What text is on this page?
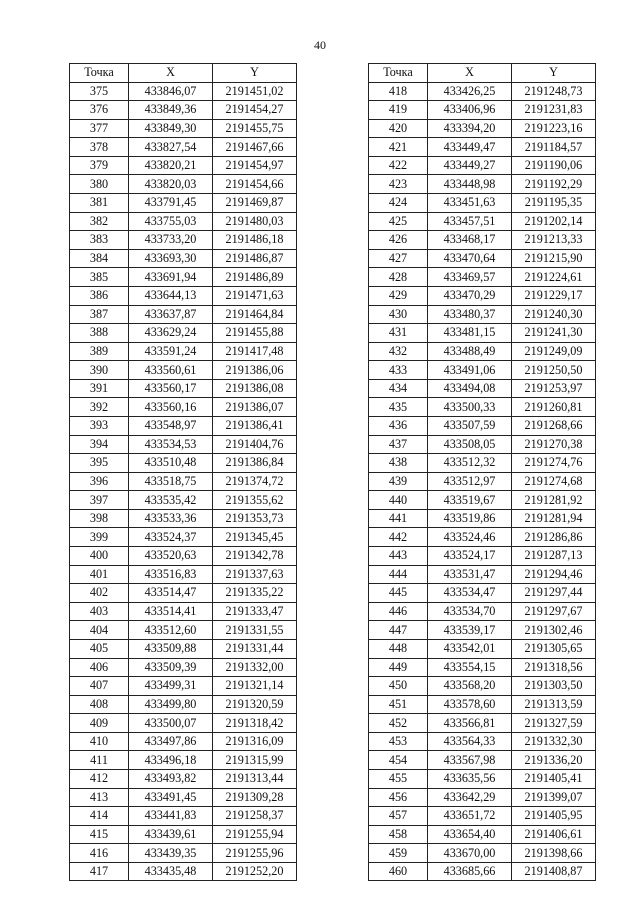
40
Точка	X	Y
375	433846,07	2191451,02
376	433849,36	2191454,27
377	433849,30	2191455,75
378	433827,54	2191467,66
379	433820,21	2191454,97
380	433820,03	2191454,66
381	433791,45	2191469,87
382	433755,03	2191480,03
383	433733,20	2191486,18
384	433693,30	2191486,87
385	433691,94	2191486,89
386	433644,13	2191471,63
387	433637,87	2191464,84
388	433629,24	2191455,88
389	433591,24	2191417,48
390	433560,61	2191386,06
391	433560,17	2191386,08
392	433560,16	2191386,07
393	433548,97	2191386,41
394	433534,53	2191404,76
395	433510,48	2191386,84
396	433518,75	2191374,72
397	433535,42	2191355,62
398	433533,36	2191353,73
399	433524,37	2191345,45
400	433520,63	2191342,78
401	433516,83	2191337,63
402	433514,47	2191335,22
403	433514,41	2191333,47
404	433512,60	2191331,55
405	433509,88	2191331,44
406	433509,39	2191332,00
407	433499,31	2191321,14
408	433499,80	2191320,59
409	433500,07	2191318,42
410	433497,86	2191316,09
411	433496,18	2191315,99
412	433493,82	2191313,44
413	433491,45	2191309,28
414	433441,83	2191258,37
415	433439,61	2191255,94
416	433439,35	2191255,96
417	433435,48	2191252,20
Точка	X	Y
418	433426,25	2191248,73
419	433406,96	2191231,83
420	433394,20	2191223,16
421	433449,47	2191184,57
422	433449,27	2191190,06
423	433448,98	2191192,29
424	433451,63	2191195,35
425	433457,51	2191202,14
426	433468,17	2191213,33
427	433470,64	2191215,90
428	433469,57	2191224,61
429	433470,29	2191229,17
430	433480,37	2191240,30
431	433481,15	2191241,30
432	433488,49	2191249,09
433	433491,06	2191250,50
434	433494,08	2191253,97
435	433500,33	2191260,81
436	433507,59	2191268,66
437	433508,05	2191270,38
438	433512,32	2191274,76
439	433512,97	2191274,68
440	433519,67	2191281,92
441	433519,86	2191281,94
442	433524,46	2191286,86
443	433524,17	2191287,13
444	433531,47	2191294,46
445	433534,47	2191297,44
446	433534,70	2191297,67
447	433539,17	2191302,46
448	433542,01	2191305,65
449	433554,15	2191318,56
450	433568,20	2191303,50
451	433578,60	2191313,59
452	433566,81	2191327,59
453	433564,33	2191332,30
454	433567,98	2191336,20
455	433635,56	2191405,41
456	433642,29	2191399,07
457	433651,72	2191405,95
458	433654,40	2191406,61
459	433670,00	2191398,66
460	433685,66	2191408,87
